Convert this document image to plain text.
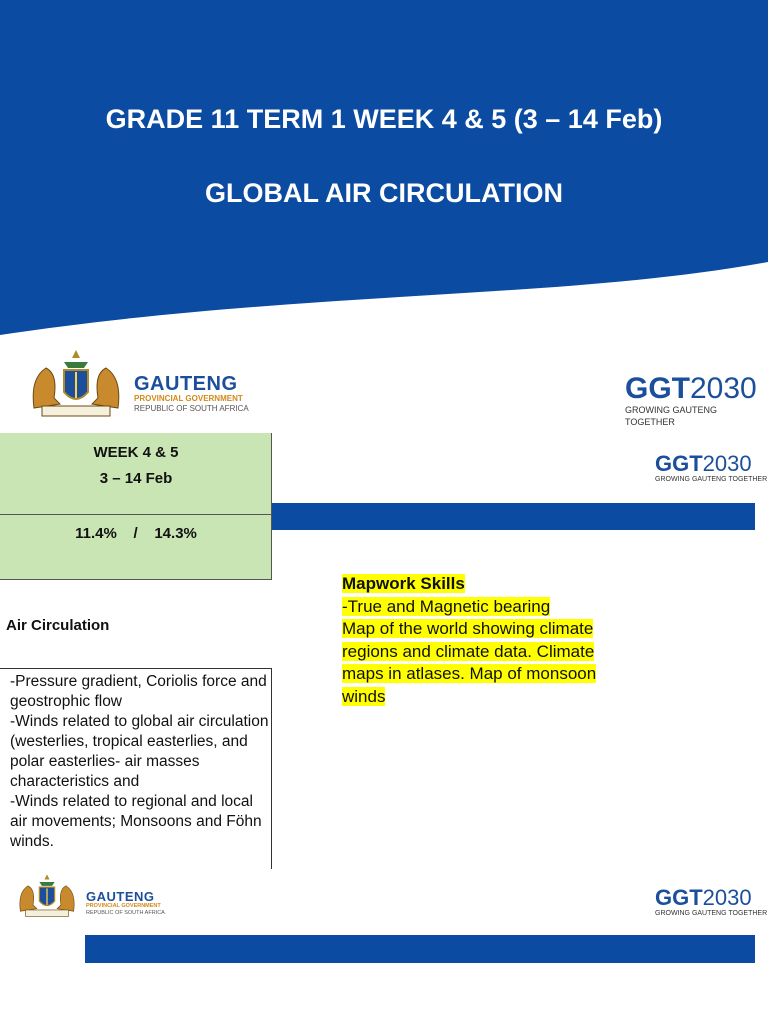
GRADE 11 TERM 1 WEEK 4 & 5 (3 – 14 Feb)
GLOBAL AIR CIRCULATION
GAUTENG
PROVINCIAL GOVERNMENT
REPUBLIC OF SOUTH AFRICA
GGT2030
GROWING GAUTENG TOGETHER
GGT2030
GROWING GAUTENG TOGETHER
WEEK 4 & 5
3 – 14 Feb
11.4%    /    14.3%
Air Circulation
-Pressure gradient, Coriolis force and geostrophic flow
-Winds related to global air circulation (westerlies, tropical easterlies, and polar easterlies- air masses characteristics and
-Winds related to regional and local air movements; Monsoons and Föhn winds.
Mapwork Skills
-True and Magnetic bearing
Map of the world showing climate regions and climate data. Climate maps in atlases. Map of monsoon winds
GAUTENG
PROVINCIAL GOVERNMENT
REPUBLIC OF SOUTH AFRICA
GGT2030
GROWING GAUTENG TOGETHER
